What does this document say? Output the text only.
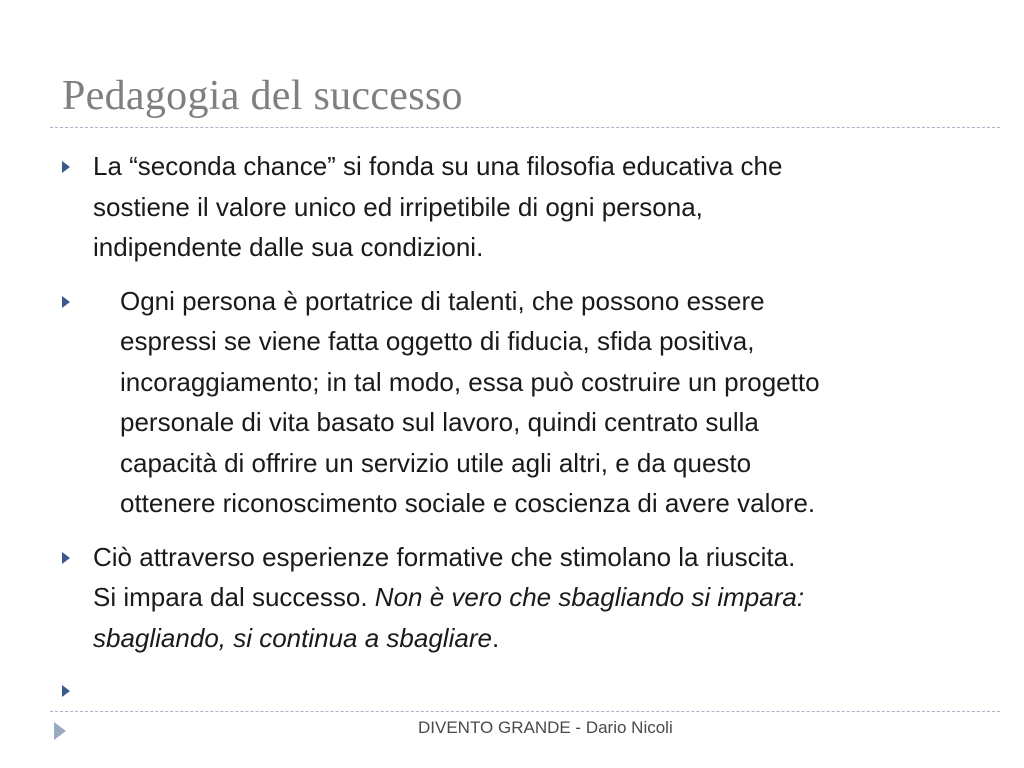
Pedagogia del successo
La “seconda chance” si fonda su una filosofia educativa che
sostiene il valore unico ed irripetibile di ogni persona,
indipendente dalle sua condizioni.
Ogni persona è portatrice di talenti, che possono essere
espressi se viene fatta oggetto di fiducia, sfida positiva,
incoraggiamento; in tal modo, essa può costruire un progetto
personale di vita basato sul lavoro, quindi centrato sulla
capacità di offrire un servizio utile agli altri, e da questo
ottenere riconoscimento sociale e coscienza di avere valore.
Ciò attraverso esperienze formative che stimolano la riuscita.
Si impara dal successo. Non è vero che sbagliando si impara:
sbagliando, si continua a sbagliare.

DIVENTO GRANDE - Dario Nicoli
